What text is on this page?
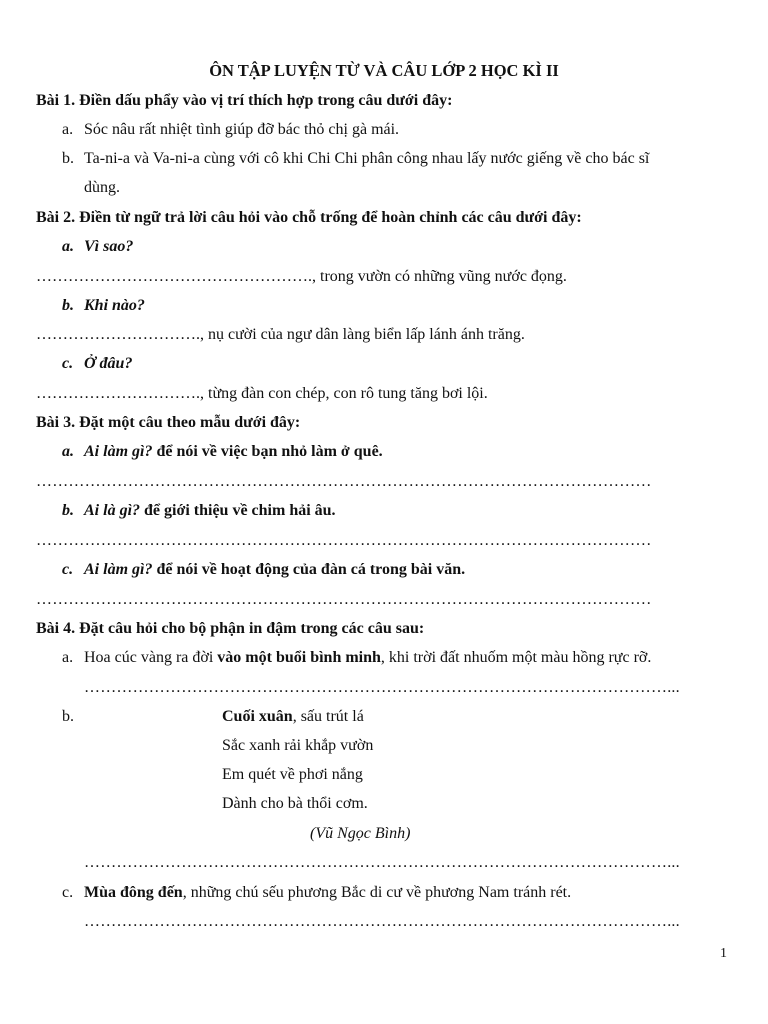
ÔN TẬP LUYỆN TỪ VÀ CÂU LỚP 2 HỌC KÌ II
Bài 1. Điền dấu phẩy vào vị trí thích hợp trong câu dưới đây:
a. Sóc nâu rất nhiệt tình giúp đỡ bác thỏ chị gà mái.
b. Ta-ni-a và Va-ni-a cùng với cô khi Chi Chi phân công nhau lấy nước giếng về cho bác sĩ
dùng.
Bài 2. Điền từ ngữ trả lời câu hỏi vào chỗ trống để hoàn chỉnh các câu dưới đây:
a. Vì sao?
……………………………………………., trong vườn có những vũng nước đọng.
b. Khi nào?
…………………………., nụ cười của ngư dân làng biển lấp lánh ánh trăng.
c. Ở đâu?
…………………………., từng đàn con chép, con rô tung tăng bơi lội.
Bài 3. Đặt một câu theo mẫu dưới đây:
a. Ai làm gì? để nói về việc bạn nhỏ làm ở quê.
……………………………………………………………………………………………………
b. Ai là gì? để giới thiệu về chim hải âu.
……………………………………………………………………………………………………
c. Ai làm gì? để nói về hoạt động của đàn cá trong bài văn.
……………………………………………………………………………………………………
Bài 4. Đặt câu hỏi cho bộ phận in đậm trong các câu sau:
a. Hoa cúc vàng ra đời vào một buổi bình minh, khi trời đất nhuốm một màu hồng rực rỡ.
………………………………………………………………………………………………...
b.	Cuối xuân, sấu trút lá
Sắc xanh rải khắp vườn
Em quét về phơi nắng
Dành cho bà thổi cơm.
(Vũ Ngọc Bình)
………………………………………………………………………………………………...
c. Mùa đông đến, những chú sếu phương Bắc di cư về phương Nam tránh rét.
………………………………………………………………………………………………...
1
